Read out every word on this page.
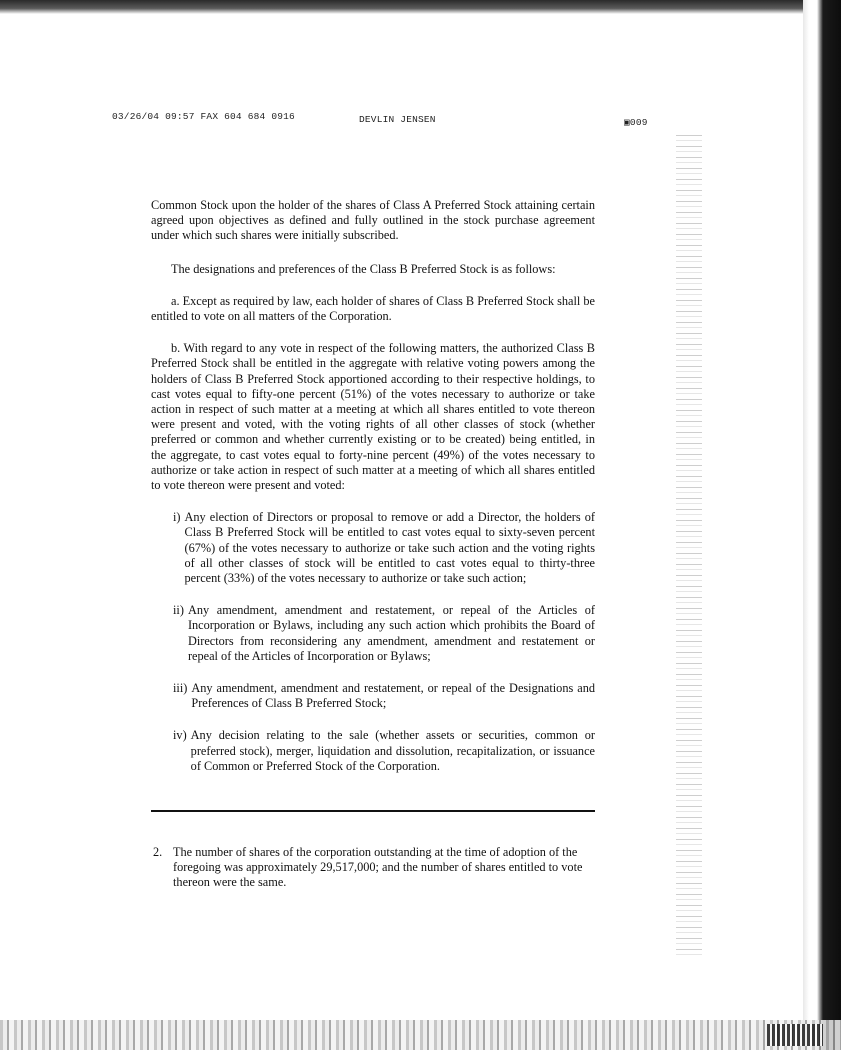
03/26/04 09:57 FAX 604 684 0916	DEVLIN JENSEN	▣009

Common Stock upon the holder of the shares of Class A Preferred Stock attaining certain agreed upon objectives as defined and fully outlined in the stock purchase agreement under which such shares were initially subscribed.

The designations and preferences of the Class B Preferred Stock is as follows:

a. Except as required by law, each holder of shares of Class B Preferred Stock shall be entitled to vote on all matters of the Corporation.

b. With regard to any vote in respect of the following matters, the authorized Class B Preferred Stock shall be entitled in the aggregate with relative voting powers among the holders of Class B Preferred Stock apportioned according to their respective holdings, to cast votes equal to fifty-one percent (51%) of the votes necessary to authorize or take action in respect of such matter at a meeting at which all shares entitled to vote thereon were present and voted, with the voting rights of all other classes of stock (whether preferred or common and whether currently existing or to be created) being entitled, in the aggregate, to cast votes equal to forty-nine percent (49%) of the votes necessary to authorize or take action in respect of such matter at a meeting of which all shares entitled to vote thereon were present and voted:

i) Any election of Directors or proposal to remove or add a Director, the holders of Class B Preferred Stock will be entitled to cast votes equal to sixty-seven percent (67%) of the votes necessary to authorize or take such action and the voting rights of all other classes of stock will be entitled to cast votes equal to thirty-three percent (33%) of the votes necessary to authorize or take such action;
ii) Any amendment, amendment and restatement, or repeal of the Articles of Incorporation or Bylaws, including any such action which prohibits the Board of Directors from reconsidering any amendment, amendment and restatement or repeal of the Articles of Incorporation or Bylaws;
iii) Any amendment, amendment and restatement, or repeal of the Designations and Preferences of Class B Preferred Stock;
iv) Any decision relating to the sale (whether assets or securities, common or preferred stock), merger, liquidation and dissolution, recapitalization, or issuance of Common or Preferred Stock of the Corporation.
2. The number of shares of the corporation outstanding at the time of adoption of the foregoing was approximately 29,517,000; and the number of shares entitled to vote thereon were the same.
